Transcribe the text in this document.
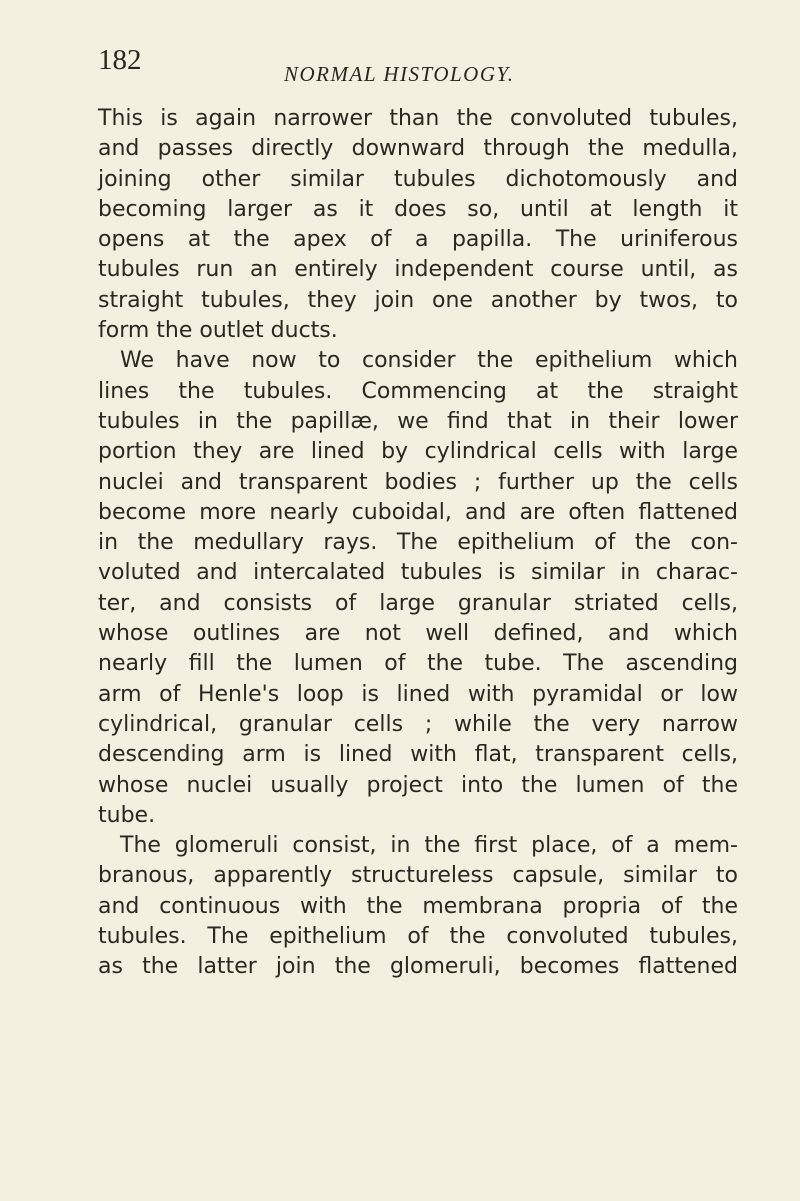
182	NORMAL HISTOLOGY.
This is again narrower than the convoluted tubules,
and passes directly downward through the medulla,
joining other similar tubules dichotomously and
becoming larger as it does so, until at length it
opens at the apex of a papilla. The uriniferous
tubules run an entirely independent course until, as
straight tubules, they join one another by twos, to
form the outlet ducts.
We have now to consider the epithelium which
lines the tubules. Commencing at the straight
tubules in the papillæ, we find that in their lower
portion they are lined by cylindrical cells with large
nuclei and transparent bodies ; further up the cells
become more nearly cuboidal, and are often flattened
in the medullary rays. The epithelium of the con-
voluted and intercalated tubules is similar in charac-
ter, and consists of large granular striated cells,
whose outlines are not well defined, and which
nearly fill the lumen of the tube. The ascending
arm of Henle's loop is lined with pyramidal or low
cylindrical, granular cells ; while the very narrow
descending arm is lined with flat, transparent cells,
whose nuclei usually project into the lumen of the
tube.
The glomeruli consist, in the first place, of a mem-
branous, apparently structureless capsule, similar to
and continuous with the membrana propria of the
tubules. The epithelium of the convoluted tubules,
as the latter join the glomeruli, becomes flattened
